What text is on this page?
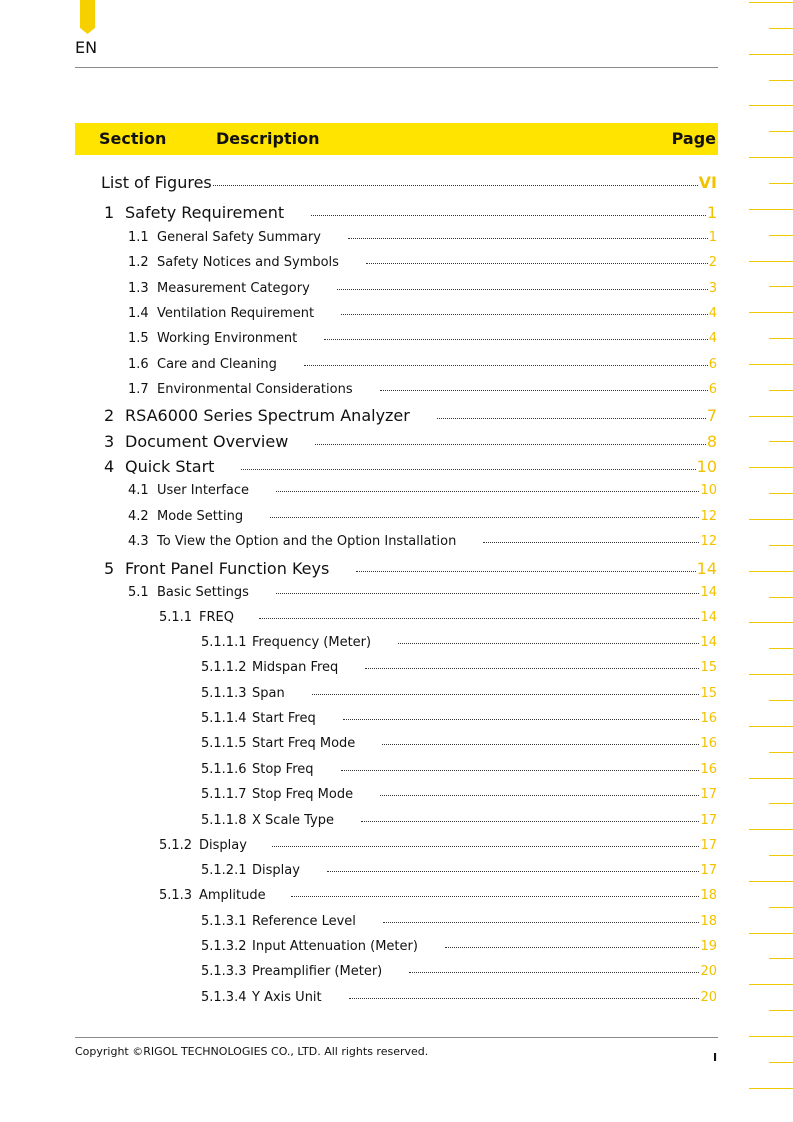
EN
Section	Description	Page
List of Figures	VI
1 Safety Requirement	1
1.1 General Safety Summary	1
1.2 Safety Notices and Symbols	2
1.3 Measurement Category	3
1.4 Ventilation Requirement	4
1.5 Working Environment	4
1.6 Care and Cleaning	6
1.7 Environmental Considerations	6
2 RSA6000 Series Spectrum Analyzer	7
3 Document Overview	8
4 Quick Start	10
4.1 User Interface	10
4.2 Mode Setting	12
4.3 To View the Option and the Option Installation	12
5 Front Panel Function Keys	14
5.1 Basic Settings	14
5.1.1 FREQ	14
5.1.1.1 Frequency (Meter)	14
5.1.1.2 Midspan Freq	15
5.1.1.3 Span	15
5.1.1.4 Start Freq	16
5.1.1.5 Start Freq Mode	16
5.1.1.6 Stop Freq	16
5.1.1.7 Stop Freq Mode	17
5.1.1.8 X Scale Type	17
5.1.2 Display	17
5.1.2.1 Display	17
5.1.3 Amplitude	18
5.1.3.1 Reference Level	18
5.1.3.2 Input Attenuation (Meter)	19
5.1.3.3 Preamplifier (Meter)	20
5.1.3.4 Y Axis Unit	20
Copyright ©RIGOL TECHNOLOGIES CO., LTD. All rights reserved.	I
